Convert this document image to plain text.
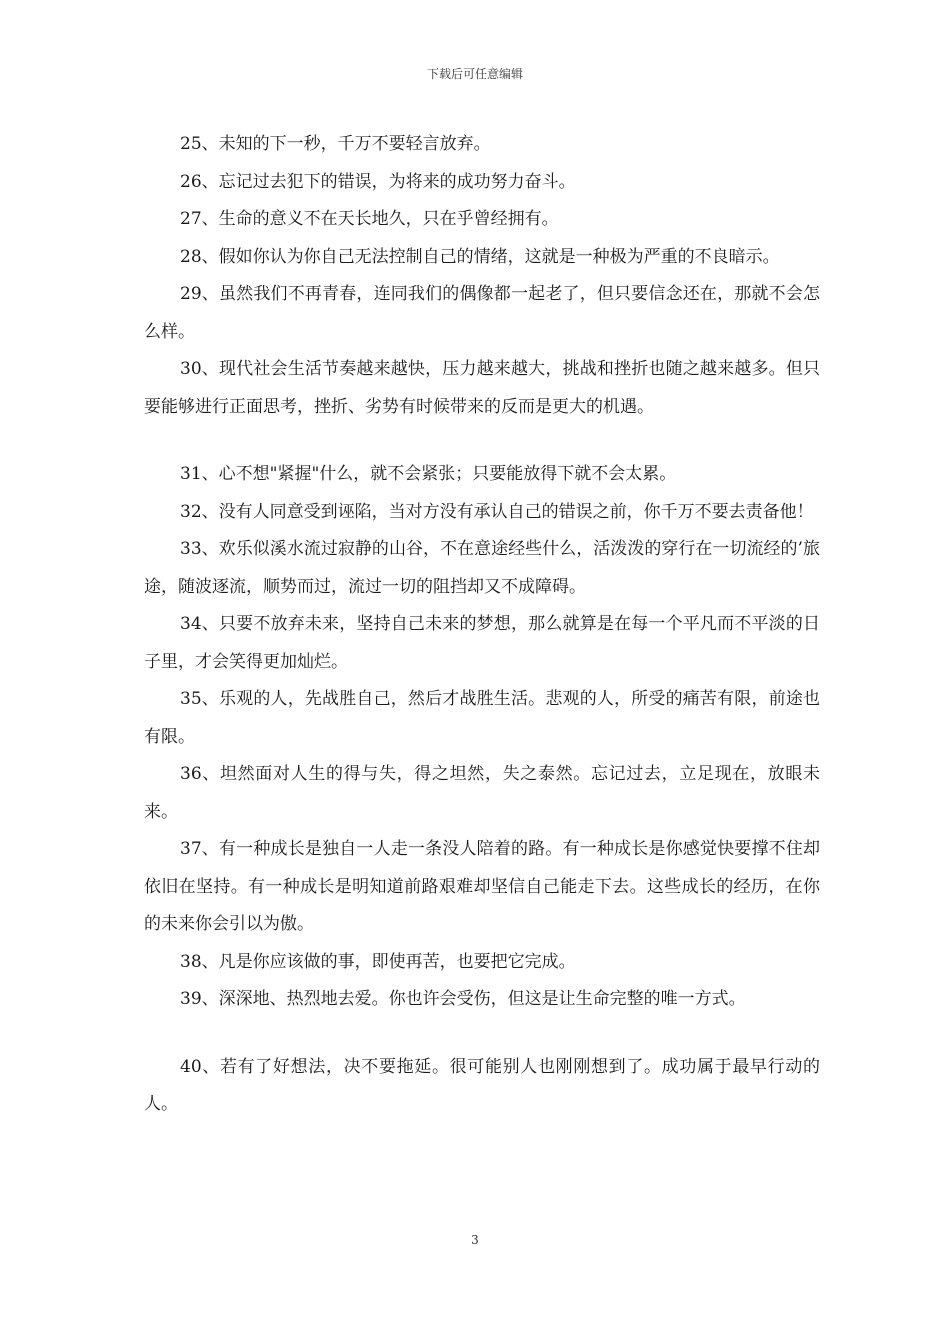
下载后可任意编辑

25、未知的下一秒，千万不要轻言放弃。

26、忘记过去犯下的错误，为将来的成功努力奋斗。

27、生命的意义不在天长地久，只在乎曾经拥有。

28、假如你认为你自己无法控制自己的情绪，这就是一种极为严重的不良暗示。

29、虽然我们不再青春，连同我们的偶像都一起老了，但只要信念还在，那就不会怎么样。

30、现代社会生活节奏越来越快，压力越来越大，挑战和挫折也随之越来越多。但只要能够进行正面思考，挫折、劣势有时候带来的反而是更大的机遇。

31、心不想"紧握"什么，就不会紧张；只要能放得下就不会太累。

32、没有人同意受到诬陷，当对方没有承认自己的错误之前，你千万不要去责备他！

33、欢乐似溪水流过寂静的山谷，不在意途经些什么，活泼泼的穿行在一切流经的’旅途，随波逐流，顺势而过，流过一切的阻挡却又不成障碍。

34、只要不放弃未来，坚持自己未来的梦想，那么就算是在每一个平凡而不平淡的日子里，才会笑得更加灿烂。

35、乐观的人，先战胜自己，然后才战胜生活。悲观的人，所受的痛苦有限，前途也有限。

36、坦然面对人生的得与失，得之坦然，失之泰然。忘记过去，立足现在，放眼未来。

37、有一种成长是独自一人走一条没人陪着的路。有一种成长是你感觉快要撑不住却依旧在坚持。有一种成长是明知道前路艰难却坚信自己能走下去。这些成长的经历，在你的未来你会引以为傲。

38、凡是你应该做的事，即使再苦，也要把它完成。

39、深深地、热烈地去爱。你也许会受伤，但这是让生命完整的唯一方式。

40、若有了好想法，决不要拖延。很可能别人也刚刚想到了。成功属于最早行动的人。

3
